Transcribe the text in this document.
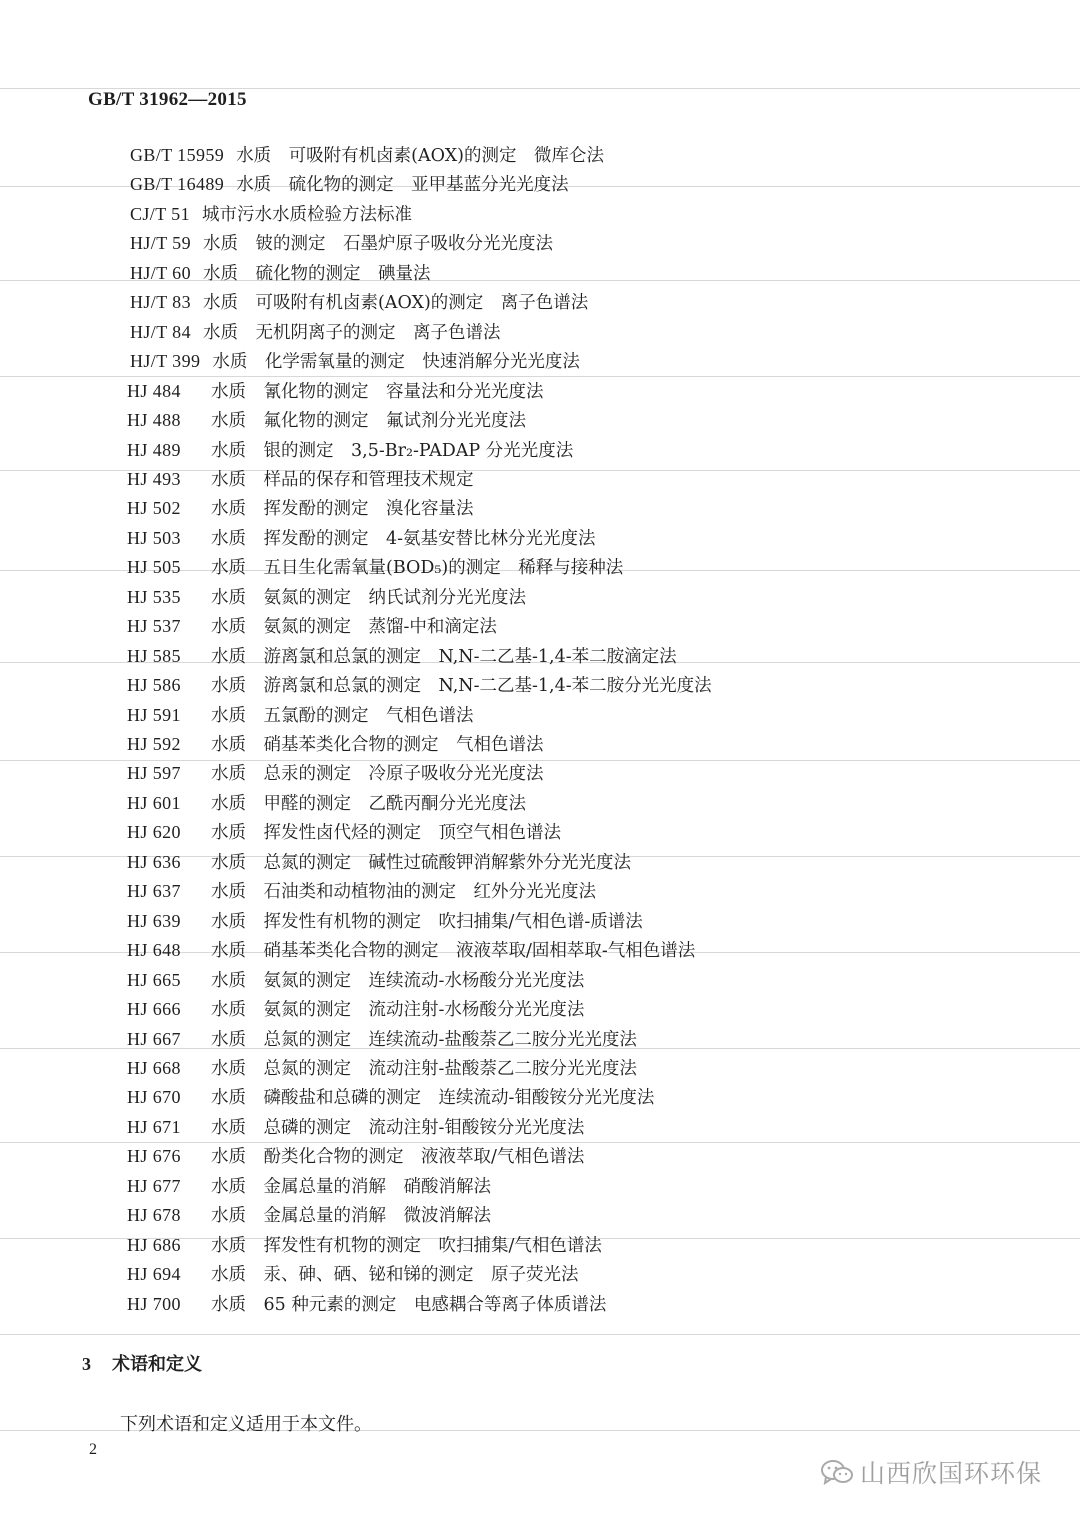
GB/T 31962—2015
GB/T 15959 水质　可吸附有机卤素(AOX)的测定　微库仑法
GB/T 16489 水质　硫化物的测定　亚甲基蓝分光光度法
CJ/T 51 城市污水水质检验方法标准
HJ/T 59 水质　铍的测定　石墨炉原子吸收分光光度法
HJ/T 60 水质　硫化物的测定　碘量法
HJ/T 83 水质　可吸附有机卤素(AOX)的测定　离子色谱法
HJ/T 84 水质　无机阴离子的测定　离子色谱法
HJ/T 399 水质　化学需氧量的测定　快速消解分光光度法
HJ 484 水质　氰化物的测定　容量法和分光光度法
HJ 488 水质　氟化物的测定　氟试剂分光光度法
HJ 489 水质　银的测定　3,5-Br₂-PADAP 分光光度法
HJ 493 水质　样品的保存和管理技术规定
HJ 502 水质　挥发酚的测定　溴化容量法
HJ 503 水质　挥发酚的测定　4-氨基安替比林分光光度法
HJ 505 水质　五日生化需氧量(BOD₅)的测定　稀释与接种法
HJ 535 水质　氨氮的测定　纳氏试剂分光光度法
HJ 537 水质　氨氮的测定　蒸馏-中和滴定法
HJ 585 水质　游离氯和总氯的测定　N,N-二乙基-1,4-苯二胺滴定法
HJ 586 水质　游离氯和总氯的测定　N,N-二乙基-1,4-苯二胺分光光度法
HJ 591 水质　五氯酚的测定　气相色谱法
HJ 592 水质　硝基苯类化合物的测定　气相色谱法
HJ 597 水质　总汞的测定　冷原子吸收分光光度法
HJ 601 水质　甲醛的测定　乙酰丙酮分光光度法
HJ 620 水质　挥发性卤代烃的测定　顶空气相色谱法
HJ 636 水质　总氮的测定　碱性过硫酸钾消解紫外分光光度法
HJ 637 水质　石油类和动植物油的测定　红外分光光度法
HJ 639 水质　挥发性有机物的测定　吹扫捕集/气相色谱-质谱法
HJ 648 水质　硝基苯类化合物的测定　液液萃取/固相萃取-气相色谱法
HJ 665 水质　氨氮的测定　连续流动-水杨酸分光光度法
HJ 666 水质　氨氮的测定　流动注射-水杨酸分光光度法
HJ 667 水质　总氮的测定　连续流动-盐酸萘乙二胺分光光度法
HJ 668 水质　总氮的测定　流动注射-盐酸萘乙二胺分光光度法
HJ 670 水质　磷酸盐和总磷的测定　连续流动-钼酸铵分光光度法
HJ 671 水质　总磷的测定　流动注射-钼酸铵分光光度法
HJ 676 水质　酚类化合物的测定　液液萃取/气相色谱法
HJ 677 水质　金属总量的消解　硝酸消解法
HJ 678 水质　金属总量的消解　微波消解法
HJ 686 水质　挥发性有机物的测定　吹扫捕集/气相色谱法
HJ 694 水质　汞、砷、硒、铋和锑的测定　原子荧光法
HJ 700 水质　65 种元素的测定　电感耦合等离子体质谱法
3 术语和定义
下列术语和定义适用于本文件。
2
山西欣国环环保
